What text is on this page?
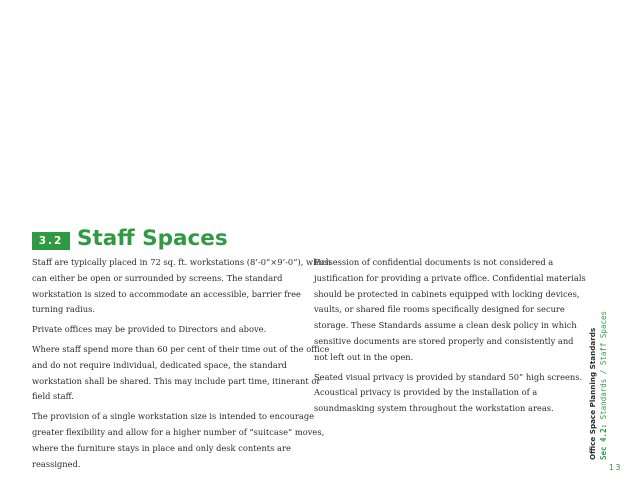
3.2 Staff Spaces

Staff are typically placed in 72 sq. ft. workstations (8’-0”×9’-0”), which can either be open or surrounded by screens. The standard workstation is sized to accommodate an accessible, barrier free turning radius.

Private offices may be provided to Directors and above.

Where staff spend more than 60 per cent of their time out of the office and do not require individual, dedicated space, the standard workstation shall be shared. This may include part time, itinerant or field staff.

The provision of a single workstation size is intended to encourage greater flexibility and allow for a higher number of “suitcase” moves, where the furniture stays in place and only desk contents are reassigned.

Possession of confidential documents is not considered a justification for providing a private office. Confidential materials should be protected in cabinets equipped with locking devices, vaults, or shared file rooms specifically designed for secure storage. These Standards assume a clean desk policy in which sensitive documents are stored properly and consistently and not left out in the open.

Seated visual privacy is provided by standard 50” high screens. Acoustical privacy is provided by the installation of a soundmasking system throughout the workstation areas.	Office Space Planning Standards Sec 4.2: Standards / Staff Spaces
13
